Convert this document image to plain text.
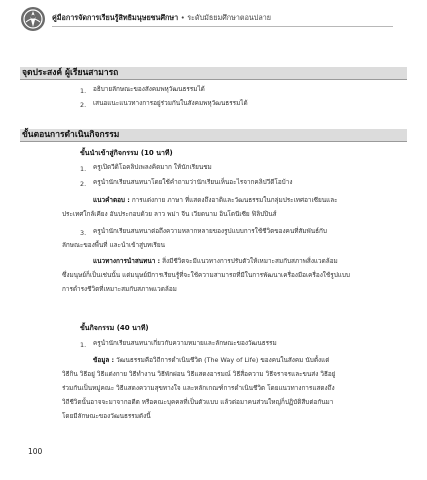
คู่มือการจัดการเรียนรู้สิทธิมนุษยชนศึกษา • ระดับมัธยมศึกษาตอนปลาย
จุดประสงค์ ผู้เรียนสามารถ
1. อธิบายลักษณะของสังคมพหุวัฒนธรรมได้
2. เสนอแนะแนวทางการอยู่ร่วมกันในสังคมพหุวัฒนธรรมได้
ขั้นตอนการดำเนินกิจกรรม
ขั้นนำเข้าสู่กิจกรรม (10 นาที)
1. ครูเปิดวีดิโอคลิปเพลงคิดมาก ให้นักเรียนชม
2. ครูนำนักเรียนสนทนาโดยใช้คำถามว่านักเรียนเห็นอะไรจากคลิปวีดีโอบ้าง
แนวคำตอบ : การแต่งกาย ภาษา ที่แสดงถึงอาติและวัฒนธรรมในกลุ่มประเทศอาเซียนและ
ประเทศใกล้เคียง อันประกอบด้วย ลาว พม่า จีน เวียดนาม อินโดนีเซีย ฟิลิปปินส์
3. ครูนำนักเรียนสนทนาต่อถึงความหลากหลายของรูปแบบการใช้ชีวิตของคนที่สัมพันธ์กับ
ลักษณะของพื้นที่ และนำเข้าสู่บทเรียน
แนวทางการนำสนทนา : สิ่งมีชีวิตจะมีแนวทางการปรับตัวให้เหมาะสมกับสภาพสิ่งแวดล้อม
ซึ่งมนุษย์ก็เป็นเช่นนั้น แต่มนุษย์มีการเรียนรู้ที่จะใช้ความสามารถที่มีในการพัฒนาเครื่องมือเครื่องใช้รูปแบบ
การดำรงชีวิตที่เหมาะสมกับสภาพแวดล้อม
ขั้นกิจกรรม (40 นาที)
1. ครูนำนักเรียนสนทนาเกี่ยวกับความหมายและลักษณะของวัฒนธรรม
ข้อมูล : วัฒนธรรมคือวิถีการดำเนินชีวิต (The Way of Life) ของคนในสังคม นับตั้งแต่
วิธีกิน วิธีอยู่ วิธีแต่งกาย วิธีทำงาน วิธีพักผ่อน วิธีแสดงอารมณ์ วิธีสื่อความ วิธีจราจรและขนส่ง วิธีอยู่
ร่วมกันเป็นหมู่คณะ วิธีแสดงความสุขทางใจ และหลักเกณฑ์การดำเนินชีวิต โดยแนวทางการแสดงถึง
วิถีชีวิตนั้นอาจจะมาจากอดีต หรือคณะบุคคลที่เป็นตัวแบบ แล้วต่อมาคนส่วนใหญ่ก็ปฏิบัติสืบต่อกันมา
โดยมีลักษณะของวัฒนธรรมดังนี้
100
